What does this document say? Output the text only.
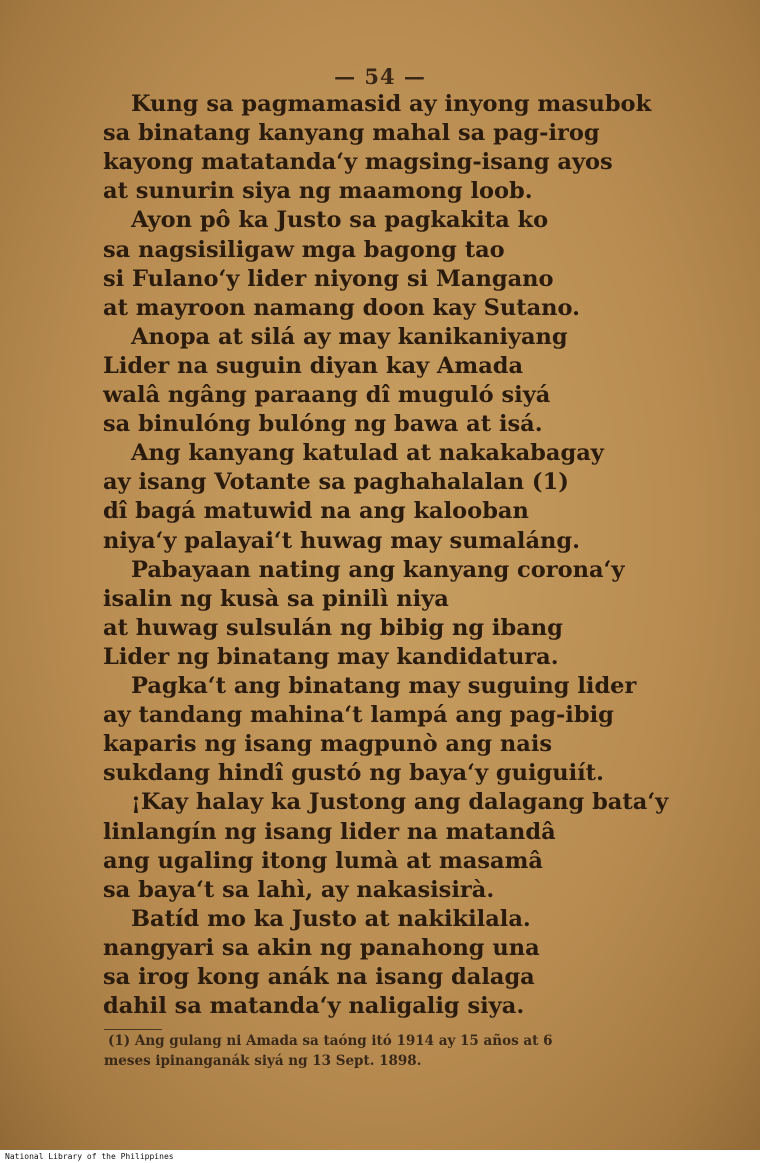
— 54 —
Kung sa pagmamasid ay inyong masubok
sa binatang kanyang mahal sa pag-irog
kayong matatanda‘y magsing-isang ayos
at sunurin siya ng maamong loob.
Ayon pô ka Justo sa pagkakita ko
sa nagsisiligaw mga bagong tao
si Fulano‘y lider niyong si Mangano
at mayroon namang doon kay Sutano.
Anopa at silá ay may kanikaniyang
Lider na suguin diyan kay Amada
walâ ngâng paraang dî muguló siyá
sa binulóng bulóng ng bawa at isá.
Ang kanyang katulad at nakakabagay
ay isang Votante sa paghahalalan (1)
dî bagá matuwid na ang kalooban
niya‘y palayai‘t huwag may sumaláng.
Pabayaan nating ang kanyang corona‘y
isalin ng kusà sa pinilì niya
at huwag sulsulán ng bibig ng ibang
Lider ng binatang may kandidatura.
Pagka‘t ang binatang may suguing lider
ay tandang mahina‘t lampá ang pag-ibig
kaparis ng isang magpunò ang nais
sukdang hindî gustó ng baya‘y guiguiít.
¡Kay halay ka Justong ang dalagang bata‘y
linlangín ng isang lider na matandâ
ang ugaling itong lumà at masamâ
sa baya‘t sa lahì, ay nakasisirà.
Batíd mo ka Justo at nakikilala.
nangyari sa akin ng panahong una
sa irog kong anák na isang dalaga
dahil sa matanda‘y naligalig siya.
(1) Ang gulang ni Amada sa taóng itó 1914 ay 15 años at 6
meses ipinanganák siyá ng 13 Sept. 1898.
National Library of the Philippines
